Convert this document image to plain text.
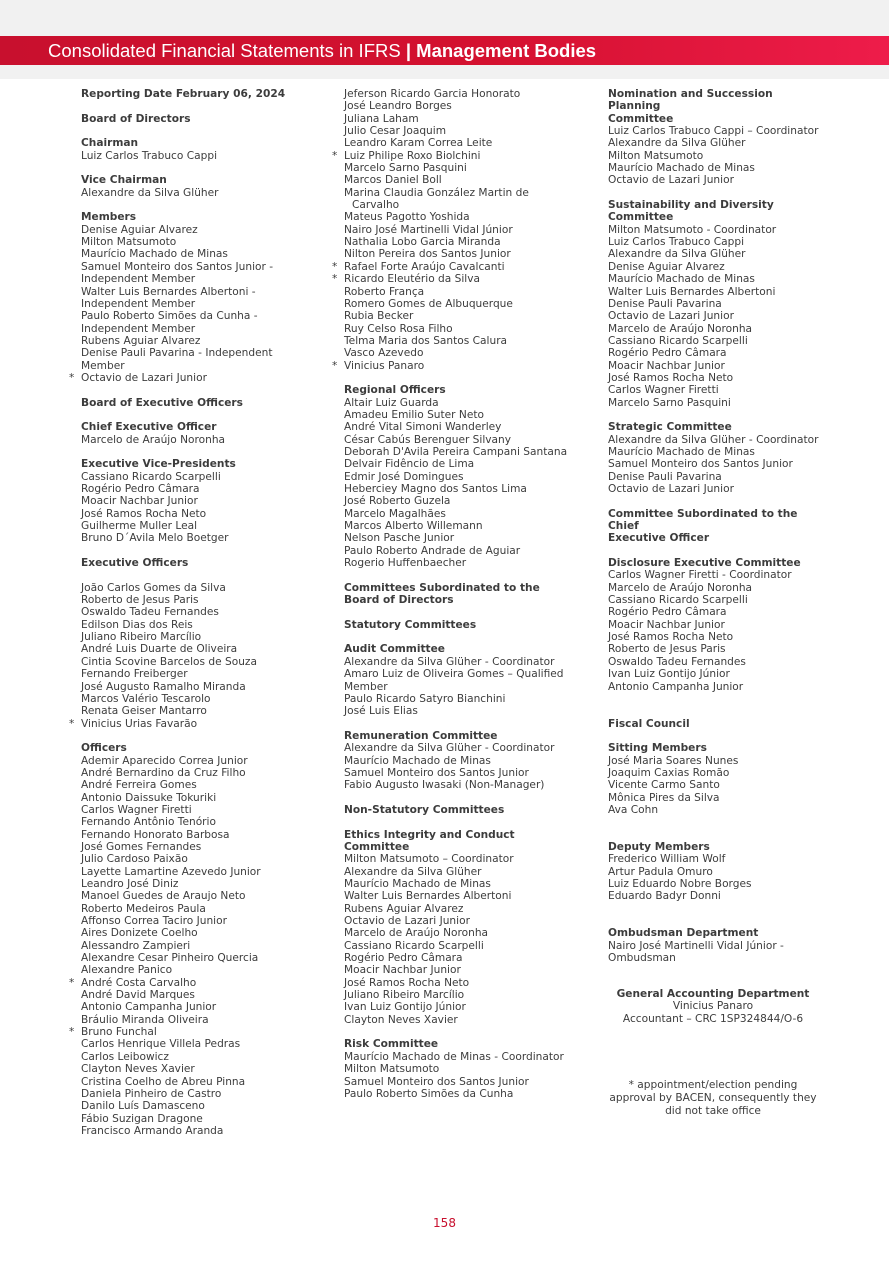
Consolidated Financial Statements in IFRS | Management Bodies
Reporting Date February 06, 2024
Board of Directors
Chairman
Luiz Carlos Trabuco Cappi
Vice Chairman
Alexandre da Silva Glüher
Members
Denise Aguiar Alvarez
Milton Matsumoto
Maurício Machado de Minas
Samuel Monteiro dos Santos Junior -
Independent Member
Walter Luis Bernardes Albertoni -
Independent Member
Paulo Roberto Simões da Cunha -
Independent Member
Rubens Aguiar Alvarez
Denise Pauli Pavarina - Independent
Member
* Octavio de Lazari Junior
Board of Executive Officers
Chief Executive Officer
Marcelo de Araújo Noronha
Executive Vice-Presidents
Cassiano Ricardo Scarpelli
Rogério Pedro Câmara
Moacir Nachbar Junior
José Ramos Rocha Neto
Guilherme Muller Leal
Bruno D´Avila Melo Boetger
Executive Officers
João Carlos Gomes da Silva
Roberto de Jesus Paris
Oswaldo Tadeu Fernandes
Edilson Dias dos Reis
Juliano Ribeiro Marcílio
André Luis Duarte de Oliveira
Cintia Scovine Barcelos de Souza
Fernando Freiberger
José Augusto Ramalho Miranda
Marcos Valério Tescarolo
Renata Geiser Mantarro
* Vinicius Urias Favarão
Officers
Ademir Aparecido Correa Junior
André Bernardino da Cruz Filho
André Ferreira Gomes
Antonio Daissuke Tokuriki
Carlos Wagner Firetti
Fernando Antônio Tenório
Fernando Honorato Barbosa
José Gomes Fernandes
Julio Cardoso Paixão
Layette Lamartine Azevedo Junior
Leandro José Diniz
Manoel Guedes de Araujo Neto
Roberto Medeiros Paula
Affonso Correa Taciro Junior
Aires Donizete Coelho
Alessandro Zampieri
Alexandre Cesar Pinheiro Quercia
Alexandre Panico
* André Costa Carvalho
André David Marques
Antonio Campanha Junior
Bráulio Miranda Oliveira
* Bruno Funchal
Carlos Henrique Villela Pedras
Carlos Leibowicz
Clayton Neves Xavier
Cristina Coelho de Abreu Pinna
Daniela Pinheiro de Castro
Danilo Luís Damasceno
Fábio Suzigan Dragone
Francisco Armando Aranda
Jeferson Ricardo Garcia Honorato
José Leandro Borges
Juliana Laham
Julio Cesar Joaquim
Leandro Karam Correa Leite
* Luiz Philipe Roxo Biolchini
Marcelo Sarno Pasquini
Marcos Daniel Boll
Marina Claudia González Martin de
Carvalho
Mateus Pagotto Yoshida
Nairo José Martinelli Vidal Júnior
Nathalia Lobo Garcia Miranda
Nilton Pereira dos Santos Junior
* Rafael Forte Araújo Cavalcanti
* Ricardo Eleutério da Silva
Roberto França
Romero Gomes de Albuquerque
Rubia Becker
Ruy Celso Rosa Filho
Telma Maria dos Santos Calura
Vasco Azevedo
* Vinicius Panaro
Regional Officers
Altair Luiz Guarda
Amadeu Emilio Suter Neto
André Vital Simoni Wanderley
César Cabús Berenguer Silvany
Deborah D'Avila Pereira Campani Santana
Delvair Fidêncio de Lima
Edmir José Domingues
Heberciey Magno dos Santos Lima
José Roberto Guzela
Marcelo Magalhães
Marcos Alberto Willemann
Nelson Pasche Junior
Paulo Roberto Andrade de Aguiar
Rogerio Huffenbaecher
Committees Subordinated to the
Board of Directors
Statutory Committees
Audit Committee
Alexandre da Silva Glüher - Coordinator
Amaro Luiz de Oliveira Gomes – Qualified
Member
Paulo Ricardo Satyro Bianchini
José Luis Elias
Remuneration Committee
Alexandre da Silva Glüher - Coordinator
Maurício Machado de Minas
Samuel Monteiro dos Santos Junior
Fabio Augusto Iwasaki (Non-Manager)
Non-Statutory Committees
Ethics Integrity and Conduct
Committee
Milton Matsumoto – Coordinator
Alexandre da Silva Glüher
Maurício Machado de Minas
Walter Luis Bernardes Albertoni
Rubens Aguiar Alvarez
Octavio de Lazari Junior
Marcelo de Araújo Noronha
Cassiano Ricardo Scarpelli
Rogério Pedro Câmara
Moacir Nachbar Junior
José Ramos Rocha Neto
Juliano Ribeiro Marcílio
Ivan Luiz Gontijo Júnior
Clayton Neves Xavier
Risk Committee
Maurício Machado de Minas - Coordinator
Milton Matsumoto
Samuel Monteiro dos Santos Junior
Paulo Roberto Simões da Cunha
Nomination and Succession Planning
Committee
Luiz Carlos Trabuco Cappi – Coordinator
Alexandre da Silva Glüher
Milton Matsumoto
Maurício Machado de Minas
Octavio de Lazari Junior
Sustainability and Diversity
Committee
Milton Matsumoto - Coordinator
Luiz Carlos Trabuco Cappi
Alexandre da Silva Glüher
Denise Aguiar Alvarez
Maurício Machado de Minas
Walter Luis Bernardes Albertoni
Denise Pauli Pavarina
Octavio de Lazari Junior
Marcelo de Araújo Noronha
Cassiano Ricardo Scarpelli
Rogério Pedro Câmara
Moacir Nachbar Junior
José Ramos Rocha Neto
Carlos Wagner Firetti
Marcelo Sarno Pasquini
Strategic Committee
Alexandre da Silva Glüher - Coordinator
Maurício Machado de Minas
Samuel Monteiro dos Santos Junior
Denise Pauli Pavarina
Octavio de Lazari Junior
Committee Subordinated to the Chief
Executive Officer
Disclosure Executive Committee
Carlos Wagner Firetti - Coordinator
Marcelo de Araújo Noronha
Cassiano Ricardo Scarpelli
Rogério Pedro Câmara
Moacir Nachbar Junior
José Ramos Rocha Neto
Roberto de Jesus Paris
Oswaldo Tadeu Fernandes
Ivan Luiz Gontijo Júnior
Antonio Campanha Junior
Fiscal Council
Sitting Members
José Maria Soares Nunes
Joaquim Caxias Romão
Vicente Carmo Santo
Mônica Pires da Silva
Ava Cohn
Deputy Members
Frederico William Wolf
Artur Padula Omuro
Luiz Eduardo Nobre Borges
Eduardo Badyr Donni
Ombudsman Department
Nairo José Martinelli Vidal Júnior -
Ombudsman
General Accounting Department
Vinicius Panaro
Accountant – CRC 1SP324844/O-6
* appointment/election pending approval by BACEN, consequently they did not take office
158
